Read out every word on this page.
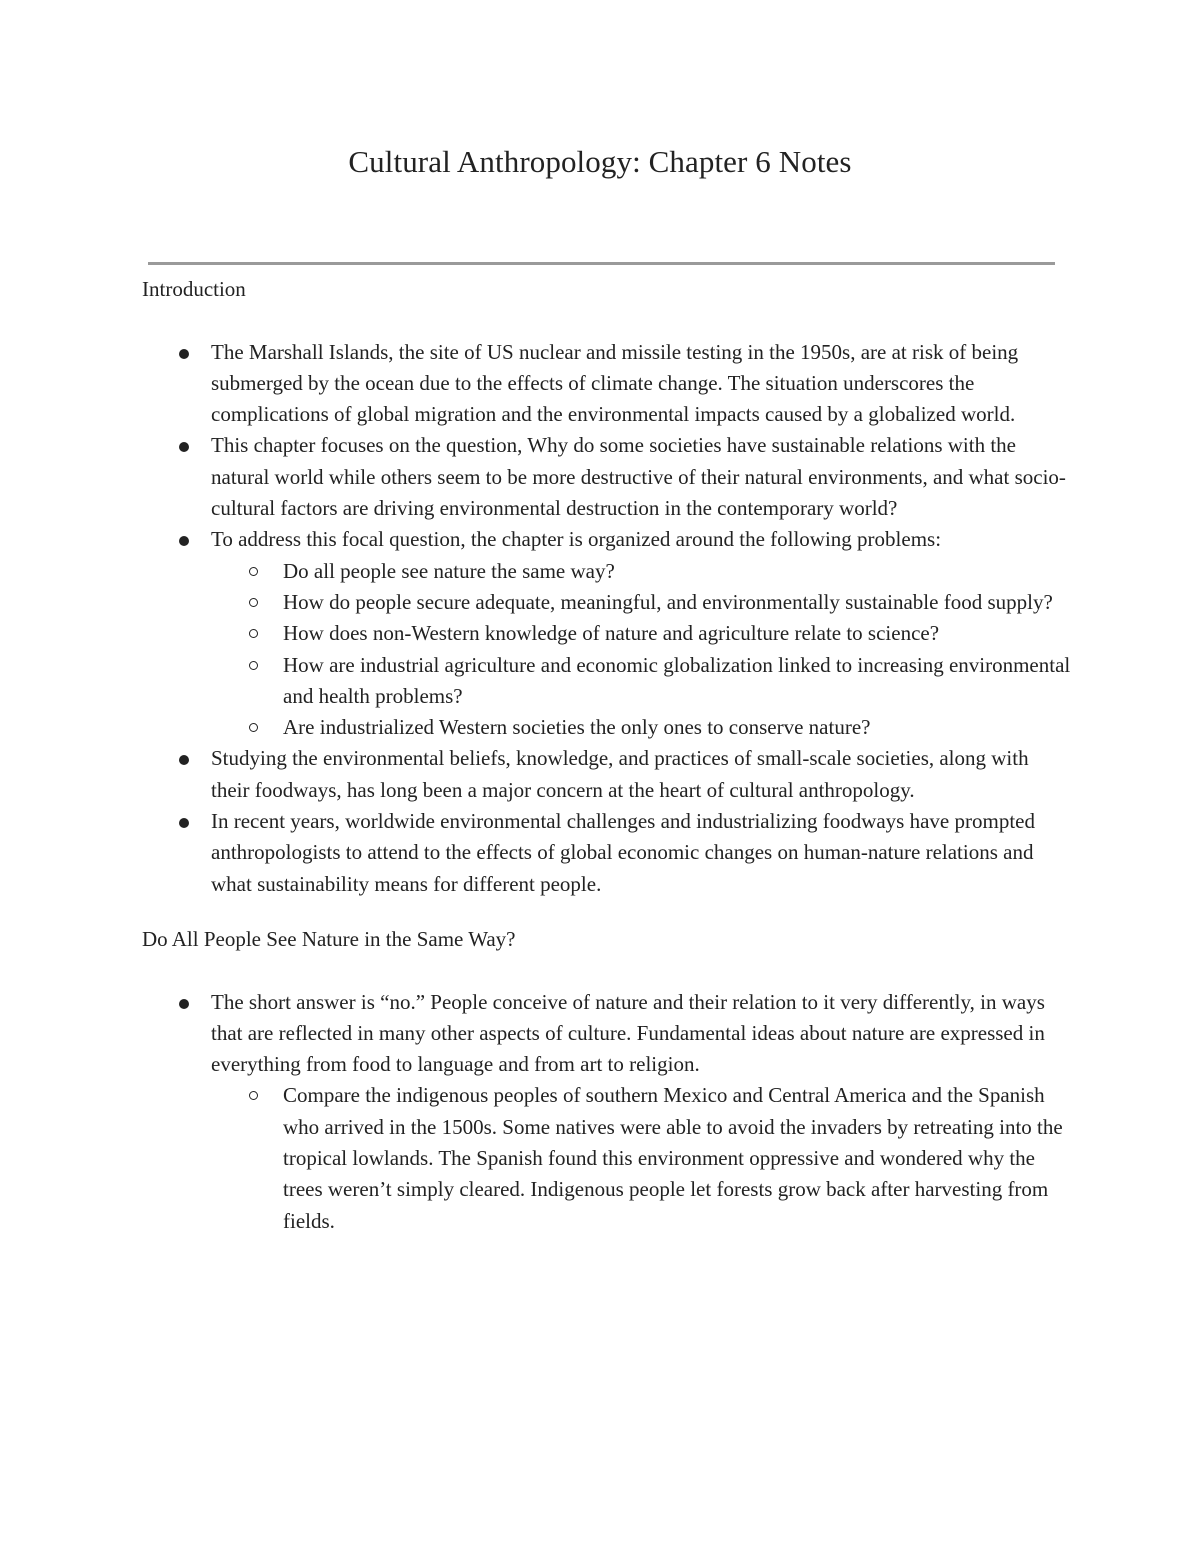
Cultural Anthropology: Chapter 6 Notes
Introduction
The Marshall Islands, the site of US nuclear and missile testing in the 1950s, are at risk of being submerged by the ocean due to the effects of climate change. The situation underscores the complications of global migration and the environmental impacts caused by a globalized world.
This chapter focuses on the question, Why do some societies have sustainable relations with the natural world while others seem to be more destructive of their natural environments, and what socio-cultural factors are driving environmental destruction in the contemporary world?
To address this focal question, the chapter is organized around the following problems:
Do all people see nature the same way?
How do people secure adequate, meaningful, and environmentally sustainable food supply?
How does non-Western knowledge of nature and agriculture relate to science?
How are industrial agriculture and economic globalization linked to increasing environmental and health problems?
Are industrialized Western societies the only ones to conserve nature?
Studying the environmental beliefs, knowledge, and practices of small-scale societies, along with their foodways, has long been a major concern at the heart of cultural anthropology.
In recent years, worldwide environmental challenges and industrializing foodways have prompted anthropologists to attend to the effects of global economic changes on human-nature relations and what sustainability means for different people.
Do All People See Nature in the Same Way?
The short answer is “no.” People conceive of nature and their relation to it very differently, in ways that are reflected in many other aspects of culture. Fundamental ideas about nature are expressed in everything from food to language and from art to religion.
Compare the indigenous peoples of southern Mexico and Central America and the Spanish who arrived in the 1500s. Some natives were able to avoid the invaders by retreating into the tropical lowlands. The Spanish found this environment oppressive and wondered why the trees weren’t simply cleared. Indigenous people let forests grow back after harvesting from fields.
